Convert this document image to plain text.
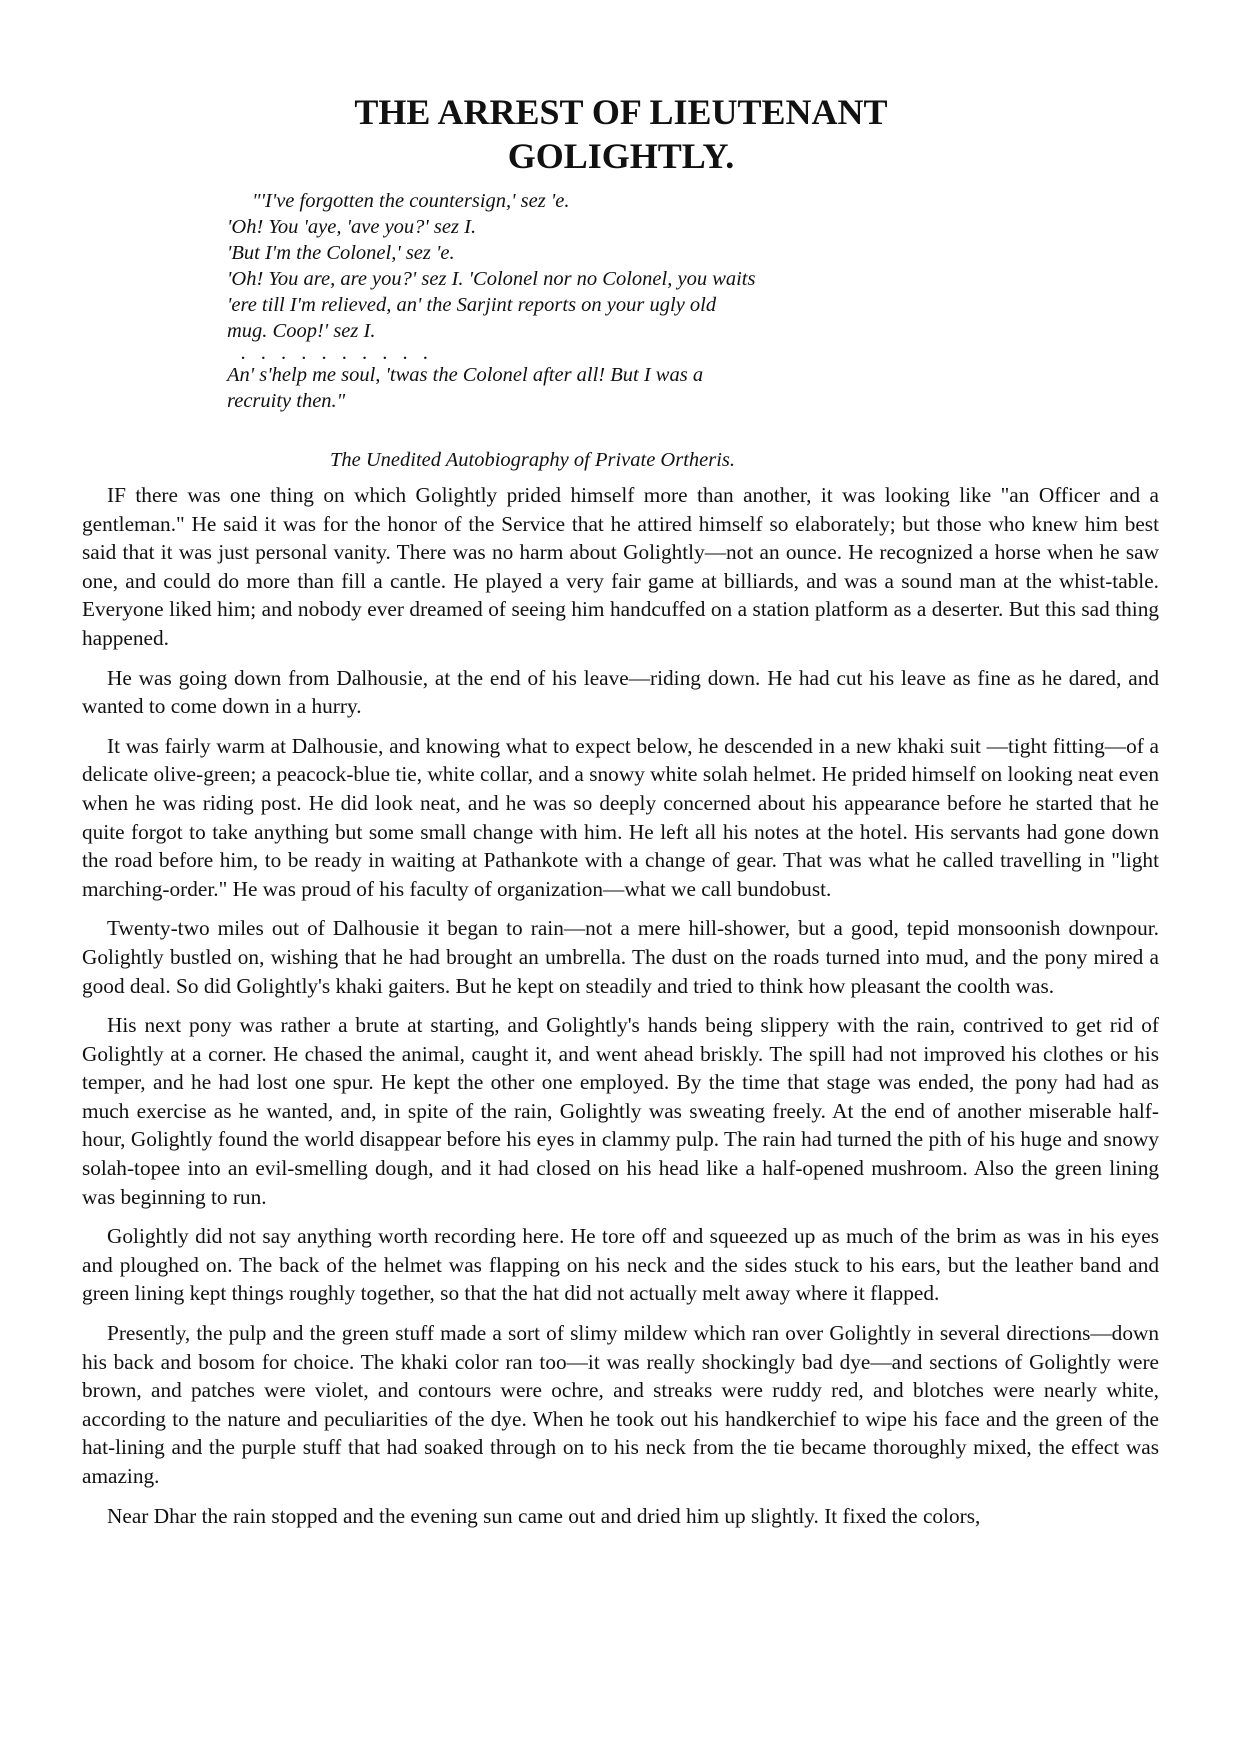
THE ARREST OF LIEUTENANT
GOLIGHTLY.
"'I've forgotten the countersign,' sez 'e.
'Oh! You 'aye, 'ave you?' sez I.
'But I'm the Colonel,' sez 'e.
'Oh! You are, are you?' sez I. 'Colonel nor no Colonel, you waits
'ere till I'm relieved, an' the Sarjint reports on your ugly old
mug. Coop!' sez I.
. . . . . . . . . .
An' s'help me soul, 'twas the Colonel after all! But I was a
recruity then."
The Unedited Autobiography of Private Ortheris.

IF there was one thing on which Golightly prided himself more than another, it was looking like "an Officer and a gentleman." He said it was for the honor of the Service that he attired himself so elaborately; but those who knew him best said that it was just personal vanity. There was no harm about Golightly—not an ounce. He recognized a horse when he saw one, and could do more than fill a cantle. He played a very fair game at billiards, and was a sound man at the whist-table. Everyone liked him; and nobody ever dreamed of seeing him handcuffed on a station platform as a deserter. But this sad thing happened.

He was going down from Dalhousie, at the end of his leave—riding down. He had cut his leave as fine as he dared, and wanted to come down in a hurry.

It was fairly warm at Dalhousie, and knowing what to expect below, he descended in a new khaki suit —tight fitting—of a delicate olive-green; a peacock-blue tie, white collar, and a snowy white solah helmet. He prided himself on looking neat even when he was riding post. He did look neat, and he was so deeply concerned about his appearance before he started that he quite forgot to take anything but some small change with him. He left all his notes at the hotel. His servants had gone down the road before him, to be ready in waiting at Pathankote with a change of gear. That was what he called travelling in "light marching-order." He was proud of his faculty of organization—what we call bundobust.

Twenty-two miles out of Dalhousie it began to rain—not a mere hill-shower, but a good, tepid monsoonish downpour. Golightly bustled on, wishing that he had brought an umbrella. The dust on the roads turned into mud, and the pony mired a good deal. So did Golightly's khaki gaiters. But he kept on steadily and tried to think how pleasant the coolth was.

His next pony was rather a brute at starting, and Golightly's hands being slippery with the rain, contrived to get rid of Golightly at a corner. He chased the animal, caught it, and went ahead briskly. The spill had not improved his clothes or his temper, and he had lost one spur. He kept the other one employed. By the time that stage was ended, the pony had had as much exercise as he wanted, and, in spite of the rain, Golightly was sweating freely. At the end of another miserable half-hour, Golightly found the world disappear before his eyes in clammy pulp. The rain had turned the pith of his huge and snowy solah-topee into an evil-smelling dough, and it had closed on his head like a half-opened mushroom. Also the green lining was beginning to run.

Golightly did not say anything worth recording here. He tore off and squeezed up as much of the brim as was in his eyes and ploughed on. The back of the helmet was flapping on his neck and the sides stuck to his ears, but the leather band and green lining kept things roughly together, so that the hat did not actually melt away where it flapped.

Presently, the pulp and the green stuff made a sort of slimy mildew which ran over Golightly in several directions—down his back and bosom for choice. The khaki color ran too—it was really shockingly bad dye—and sections of Golightly were brown, and patches were violet, and contours were ochre, and streaks were ruddy red, and blotches were nearly white, according to the nature and peculiarities of the dye. When he took out his handkerchief to wipe his face and the green of the hat-lining and the purple stuff that had soaked through on to his neck from the tie became thoroughly mixed, the effect was amazing.

Near Dhar the rain stopped and the evening sun came out and dried him up slightly. It fixed the colors,
